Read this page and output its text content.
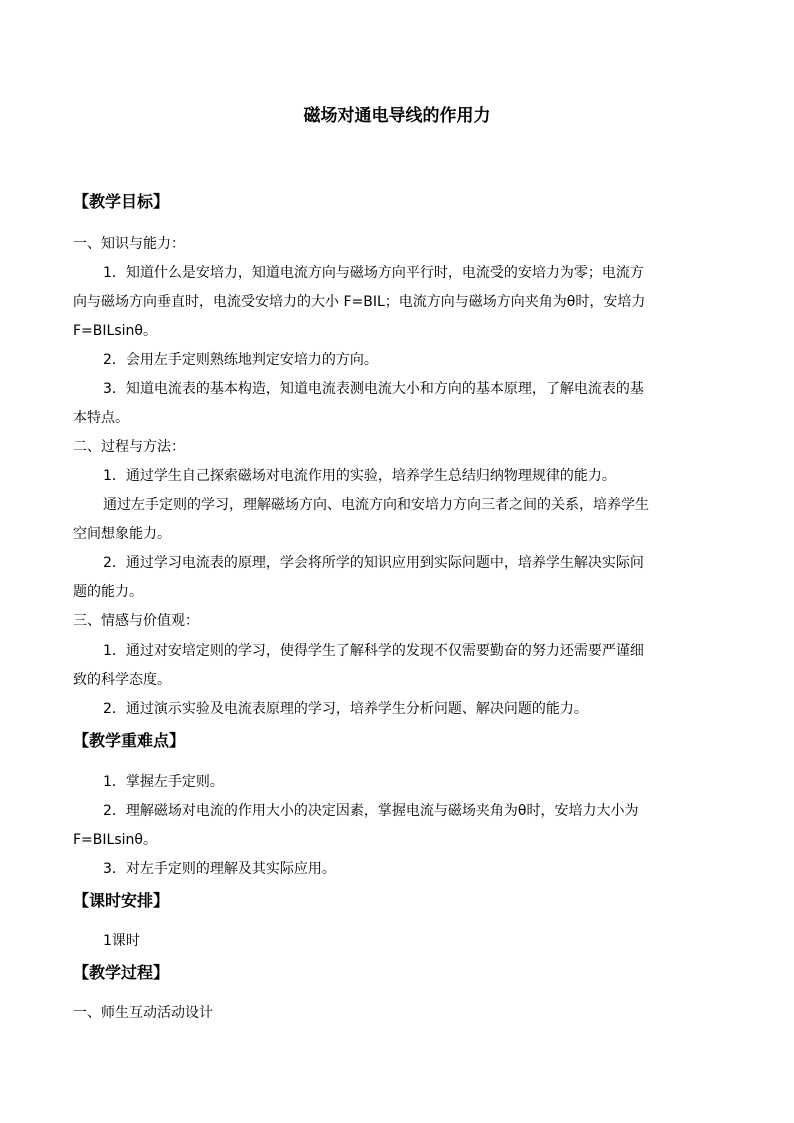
磁场对通电导线的作用力
【教学目标】
一、知识与能力：
1．知道什么是安培力，知道电流方向与磁场方向平行时，电流受的安培力为零；电流方
向与磁场方向垂直时，电流受安培力的大小 F=BIL；电流方向与磁场方向夹角为θ时，安培力
F=BILsinθ。
2．会用左手定则熟练地判定安培力的方向。
3．知道电流表的基本构造，知道电流表测电流大小和方向的基本原理，了解电流表的基
本特点。
二、过程与方法：
1．通过学生自己探索磁场对电流作用的实验，培养学生总结归纳物理规律的能力。
通过左手定则的学习，理解磁场方向、电流方向和安培力方向三者之间的关系，培养学生
空间想象能力。
2．通过学习电流表的原理，学会将所学的知识应用到实际问题中，培养学生解决实际问
题的能力。
三、情感与价值观：
1．通过对安培定则的学习，使得学生了解科学的发现不仅需要勤奋的努力还需要严谨细
致的科学态度。
2．通过演示实验及电流表原理的学习，培养学生分析问题、解决问题的能力。
【教学重难点】
1．掌握左手定则。
2．理解磁场对电流的作用大小的决定因素，掌握电流与磁场夹角为θ时，安培力大小为
F=BILsinθ。
3．对左手定则的理解及其实际应用。
【课时安排】
1课时
【教学过程】
一、师生互动活动设计
